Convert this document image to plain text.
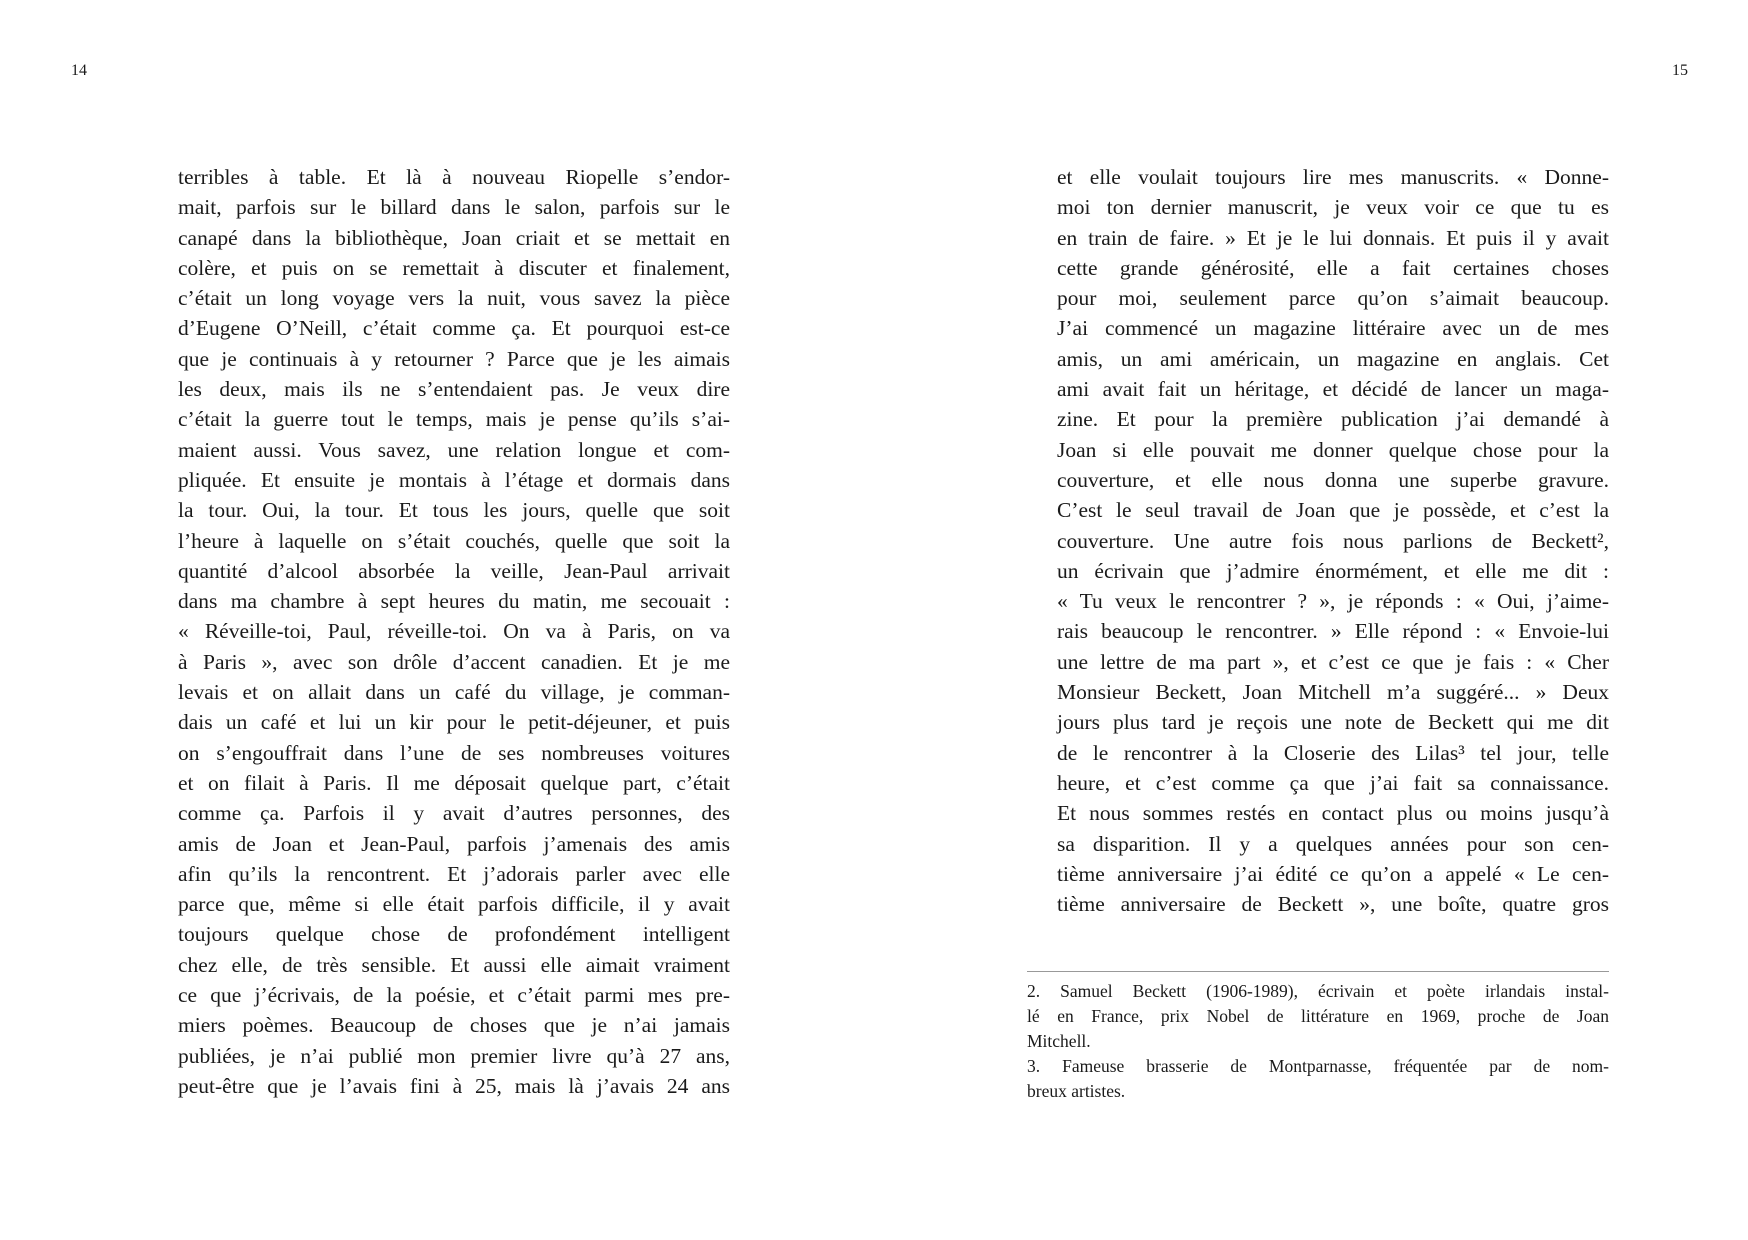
14	15
terribles à table. Et là à nouveau Riopelle s’endor-
mait, parfois sur le billard dans le salon, parfois sur le
canapé dans la bibliothèque, Joan criait et se mettait en
colère, et puis on se remettait à discuter et finalement,
c’était un long voyage vers la nuit, vous savez la pièce
d’Eugene O’Neill, c’était comme ça. Et pourquoi est-ce
que je continuais à y retourner ? Parce que je les aimais
les deux, mais ils ne s’entendaient pas. Je veux dire
c’était la guerre tout le temps, mais je pense qu’ils s’ai-
maient aussi. Vous savez, une relation longue et com-
pliquée. Et ensuite je montais à l’étage et dormais dans
la tour. Oui, la tour. Et tous les jours, quelle que soit
l’heure à laquelle on s’était couchés, quelle que soit la
quantité d’alcool absorbée la veille, Jean-Paul arrivait
dans ma chambre à sept heures du matin, me secouait :
« Réveille-toi, Paul, réveille-toi. On va à Paris, on va
à Paris », avec son drôle d’accent canadien. Et je me
levais et on allait dans un café du village, je comman-
dais un café et lui un kir pour le petit-déjeuner, et puis
on s’engouffrait dans l’une de ses nombreuses voitures
et on filait à Paris. Il me déposait quelque part, c’était
comme ça. Parfois il y avait d’autres personnes, des
amis de Joan et Jean-Paul, parfois j’amenais des amis
afin qu’ils la rencontrent. Et j’adorais parler avec elle
parce que, même si elle était parfois difficile, il y avait
toujours quelque chose de profondément intelligent
chez elle, de très sensible. Et aussi elle aimait vraiment
ce que j’écrivais, de la poésie, et c’était parmi mes pre-
miers poèmes. Beaucoup de choses que je n’ai jamais
publiées, je n’ai publié mon premier livre qu’à 27 ans,
peut-être que je l’avais fini à 25, mais là j’avais 24 ans
et elle voulait toujours lire mes manuscrits. « Donne-
moi ton dernier manuscrit, je veux voir ce que tu es
en train de faire. » Et je le lui donnais. Et puis il y avait
cette grande générosité, elle a fait certaines choses
pour moi, seulement parce qu’on s’aimait beaucoup.
J’ai commencé un magazine littéraire avec un de mes
amis, un ami américain, un magazine en anglais. Cet
ami avait fait un héritage, et décidé de lancer un maga-
zine. Et pour la première publication j’ai demandé à
Joan si elle pouvait me donner quelque chose pour la
couverture, et elle nous donna une superbe gravure.
C’est le seul travail de Joan que je possède, et c’est la
couverture. Une autre fois nous parlions de Beckett²,
un écrivain que j’admire énormément, et elle me dit :
« Tu veux le rencontrer ? », je réponds : « Oui, j’aime-
rais beaucoup le rencontrer. » Elle répond : « Envoie-lui
une lettre de ma part », et c’est ce que je fais : « Cher
Monsieur Beckett, Joan Mitchell m’a suggéré... » Deux
jours plus tard je reçois une note de Beckett qui me dit
de le rencontrer à la Closerie des Lilas³ tel jour, telle
heure, et c’est comme ça que j’ai fait sa connaissance.
Et nous sommes restés en contact plus ou moins jusqu’à
sa disparition. Il y a quelques années pour son cen-
tième anniversaire j’ai édité ce qu’on a appelé « Le cen-
tième anniversaire de Beckett », une boîte, quatre gros
2. Samuel Beckett (1906-1989), écrivain et poète irlandais instal-
lé en France, prix Nobel de littérature en 1969, proche de Joan
Mitchell.
3. Fameuse brasserie de Montparnasse, fréquentée par de nom-
breux artistes.
